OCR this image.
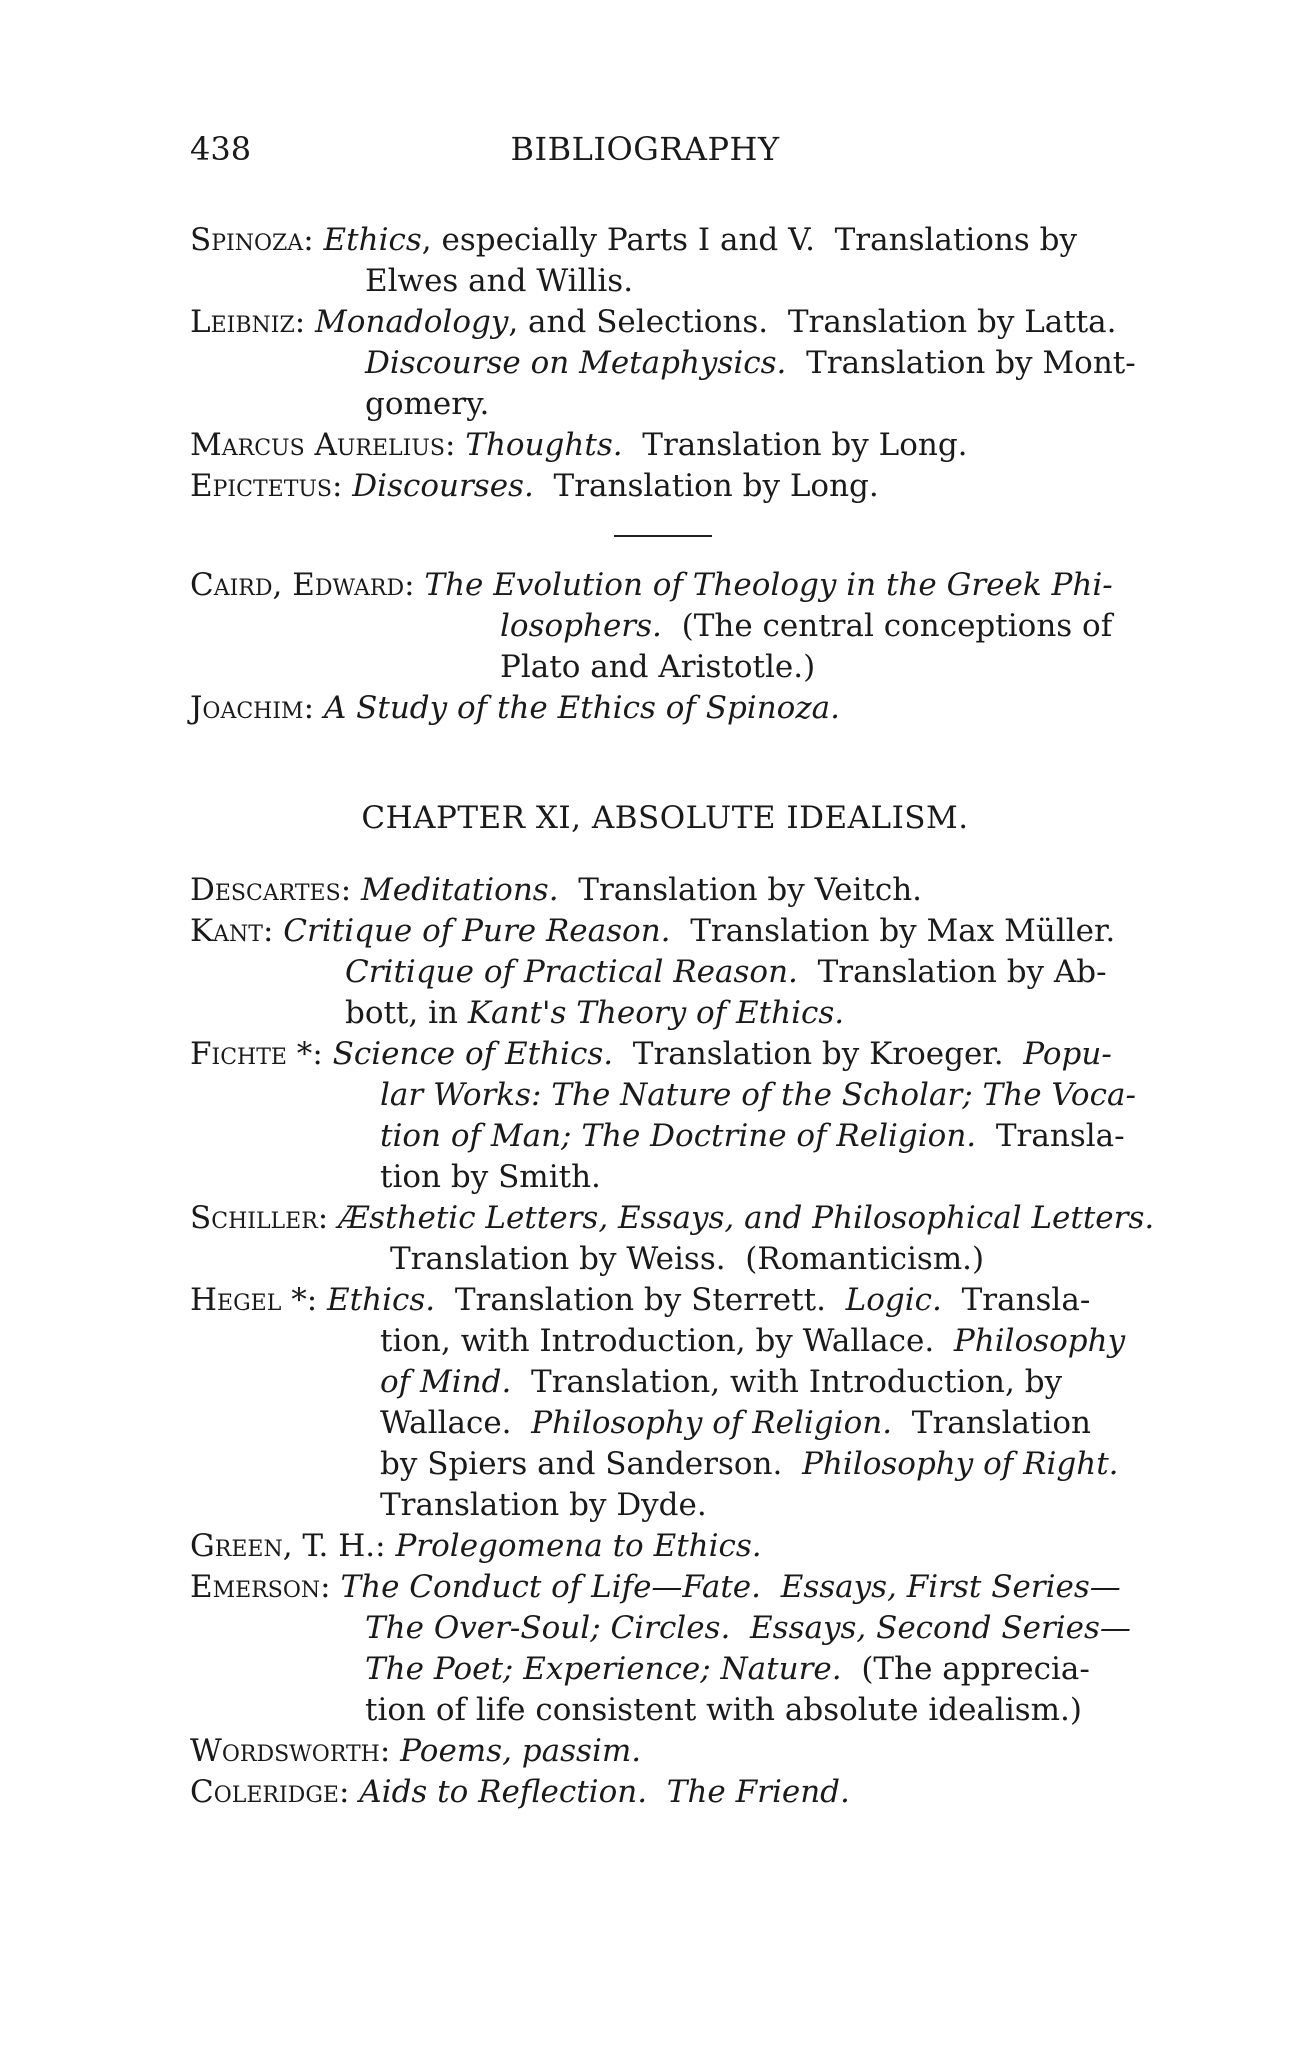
438	BIBLIOGRAPHY
Spinoza: Ethics, especially Parts I and V.  Translations by
Elwes and Willis.
Leibniz: Monadology, and Selections.  Translation by Latta.
Discourse on Metaphysics.  Translation by Mont-
gomery.
Marcus Aurelius: Thoughts.  Translation by Long.
Epictetus: Discourses.  Translation by Long.
Caird, Edward: The Evolution of Theology in the Greek Phi-
losophers.  (The central conceptions of
Plato and Aristotle.)
Joachim: A Study of the Ethics of Spinoza.
CHAPTER XI, ABSOLUTE IDEALISM.
Descartes: Meditations.  Translation by Veitch.
Kant: Critique of Pure Reason.  Translation by Max Müller.
Critique of Practical Reason.  Translation by Ab-
bott, in Kant's Theory of Ethics.
Fichte *: Science of Ethics.  Translation by Kroeger.  Popu-
lar Works: The Nature of the Scholar; The Voca-
tion of Man; The Doctrine of Religion.  Transla-
tion by Smith.
Schiller: Æsthetic Letters, Essays, and Philosophical Letters.
Translation by Weiss.  (Romanticism.)
Hegel *: Ethics.  Translation by Sterrett.  Logic.  Transla-
tion, with Introduction, by Wallace.  Philosophy
of Mind.  Translation, with Introduction, by
Wallace.  Philosophy of Religion.  Translation
by Spiers and Sanderson.  Philosophy of Right.
Translation by Dyde.
Green, T. H.: Prolegomena to Ethics.
Emerson: The Conduct of Life—Fate.  Essays, First Series—
The Over-Soul; Circles.  Essays, Second Series—
The Poet; Experience; Nature.  (The apprecia-
tion of life consistent with absolute idealism.)
Wordsworth: Poems, passim.
Coleridge: Aids to Reflection.  The Friend.
